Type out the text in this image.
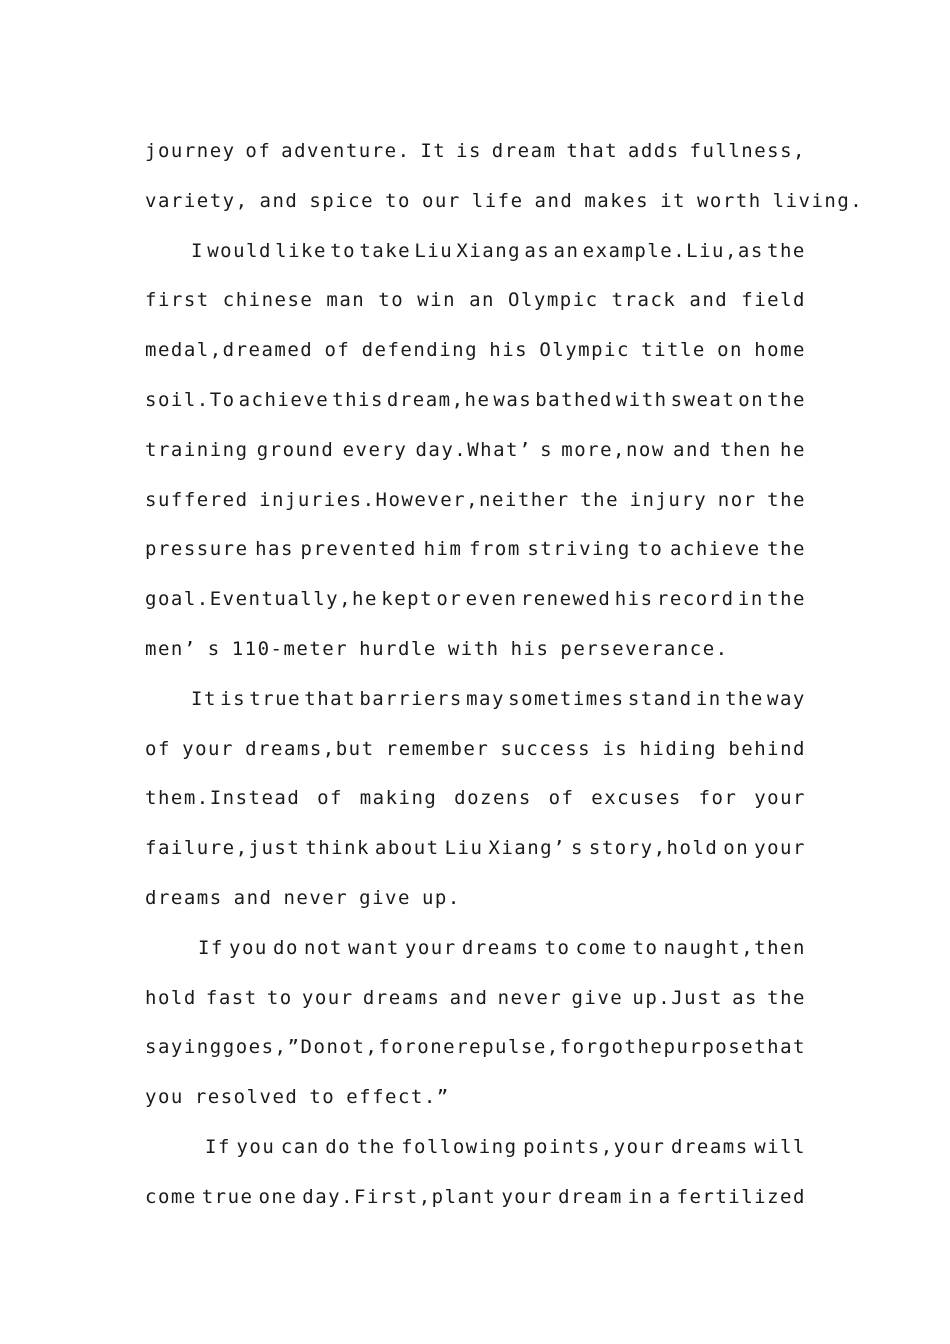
journey of adventure. It is dream that adds fullness,
variety, and spice to our life and makes it worth living.
I would like to take Liu Xiang as an example.Liu,as the
first chinese man to win an Olympic track and field
medal,dreamed of defending his Olympic title on home
soil.To achieve this dream,he was bathed with sweat on the
training ground every day.What’ s more,now and then he
suffered injuries.However,neither the injury nor the
pressure has prevented him from striving to achieve the
goal.Eventually,he kept or even renewed his record in the
men’ s 110-meter hurdle with his perseverance.
It is true that barriers may sometimes stand in the way
of your dreams,but remember success is hiding behind
them.Instead of making dozens of excuses for your
failure,just think about Liu Xiang’ s story,hold on your
dreams and never give up.
If you do not want your dreams to come to naught,then
hold fast to your dreams and never give up.Just as the
saying goes,” Do not,for one repulse,forgo the purpose that
you resolved to effect.”
If you can do the following points,your dreams will
come true one day.First,plant your dream in a fertilized
